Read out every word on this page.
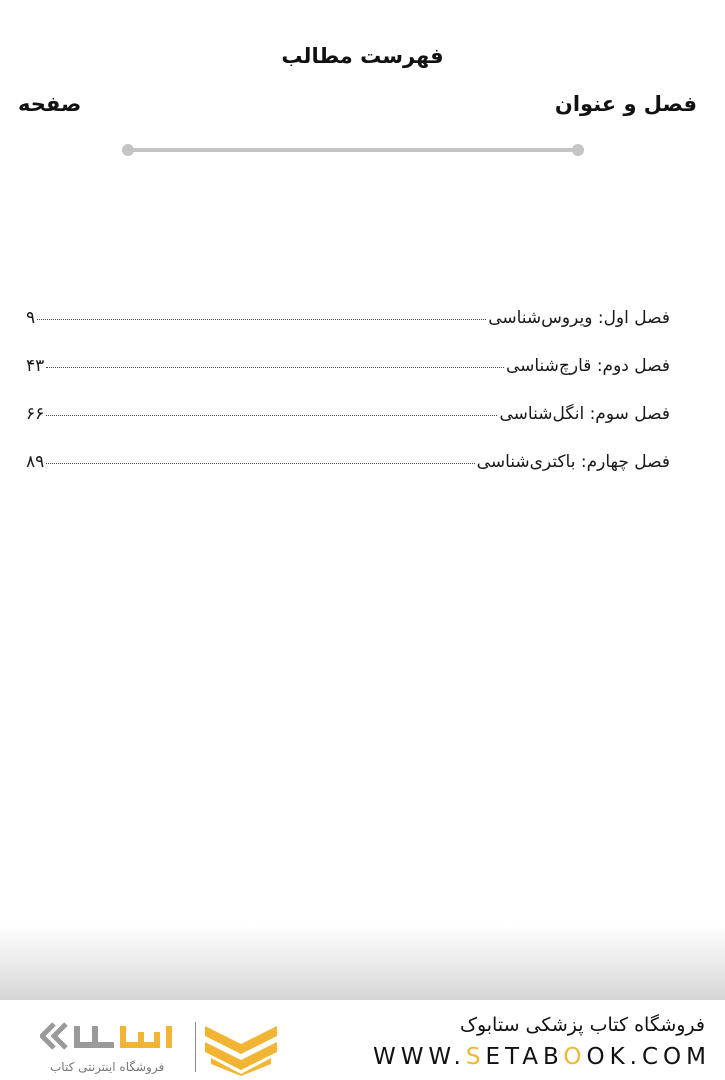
فهرست مطالب
فصل و عنوان
صفحه
فصل اول: ویروس‌شناسی
۹
فصل دوم: قارچ‌شناسی
۴۳
فصل سوم: انگل‌شناسی
۶۶
فصل چهارم: باکتری‌شناسی
۸۹
فروشگاه کتاب پزشکی ستابوک
WWW.SETABOOK.COM
فروشگاه اینترنتی کتاب
